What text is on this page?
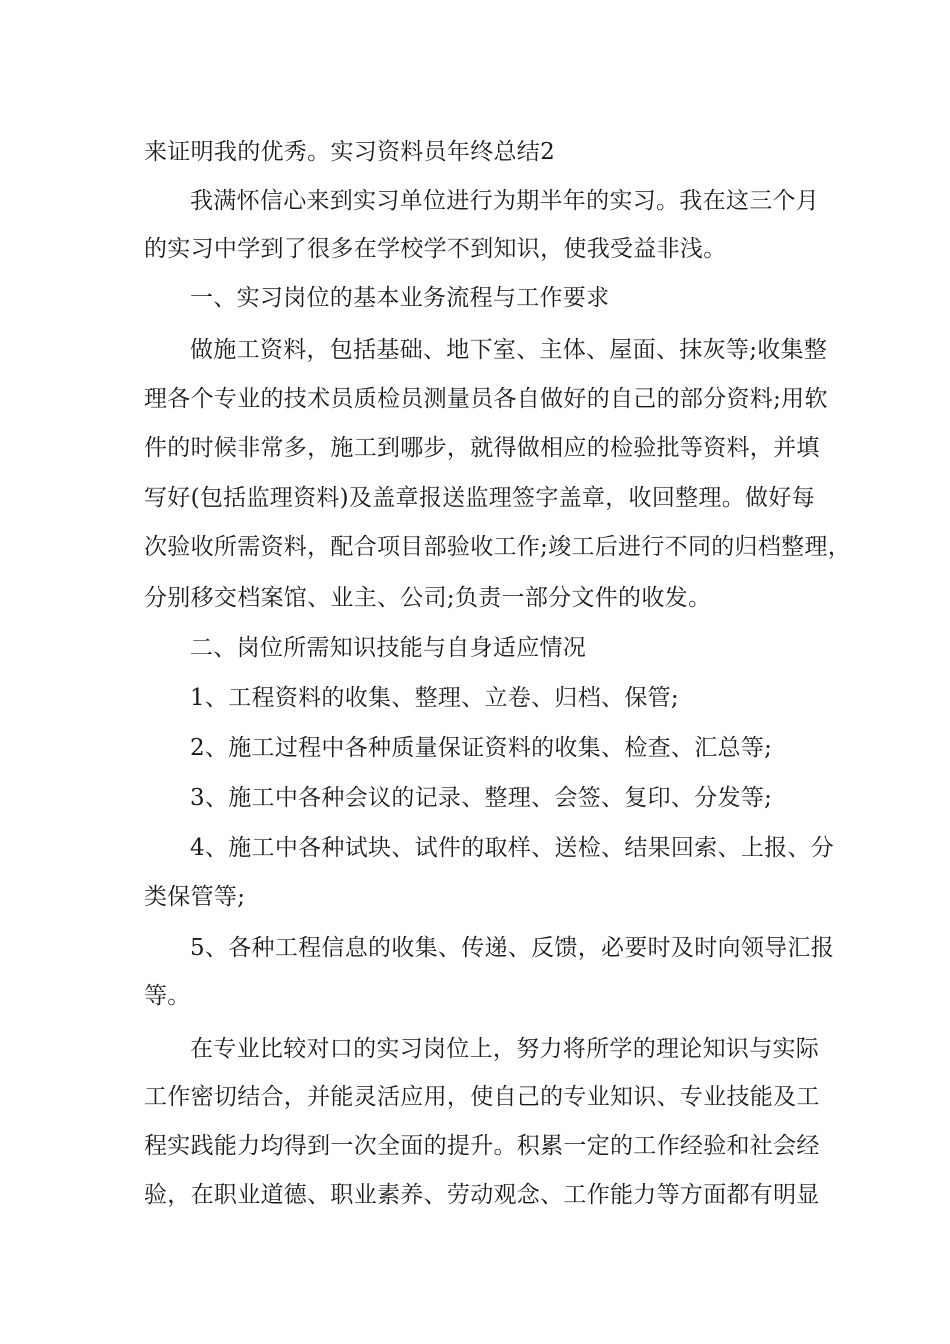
来证明我的优秀。实习资料员年终总结2
我满怀信心来到实习单位进行为期半年的实习。我在这三个月
的实习中学到了很多在学校学不到知识，使我受益非浅。
一、实习岗位的基本业务流程与工作要求
做施工资料，包括基础、地下室、主体、屋面、抹灰等;收集整
理各个专业的技术员质检员测量员各自做好的自己的部分资料;用软
件的时候非常多，施工到哪步，就得做相应的检验批等资料，并填
写好(包括监理资料)及盖章报送监理签字盖章，收回整理。做好每
次验收所需资料，配合项目部验收工作;竣工后进行不同的归档整理，
分别移交档案馆、业主、公司;负责一部分文件的收发。
二、岗位所需知识技能与自身适应情况
1、工程资料的收集、整理、立卷、归档、保管;
2、施工过程中各种质量保证资料的收集、检查、汇总等;
3、施工中各种会议的记录、整理、会签、复印、分发等;
4、施工中各种试块、试件的取样、送检、结果回索、上报、分
类保管等;
5、各种工程信息的收集、传递、反馈，必要时及时向领导汇报
等。
在专业比较对口的实习岗位上，努力将所学的理论知识与实际
工作密切结合，并能灵活应用，使自己的专业知识、专业技能及工
程实践能力均得到一次全面的提升。积累一定的工作经验和社会经
验，在职业道德、职业素养、劳动观念、工作能力等方面都有明显
